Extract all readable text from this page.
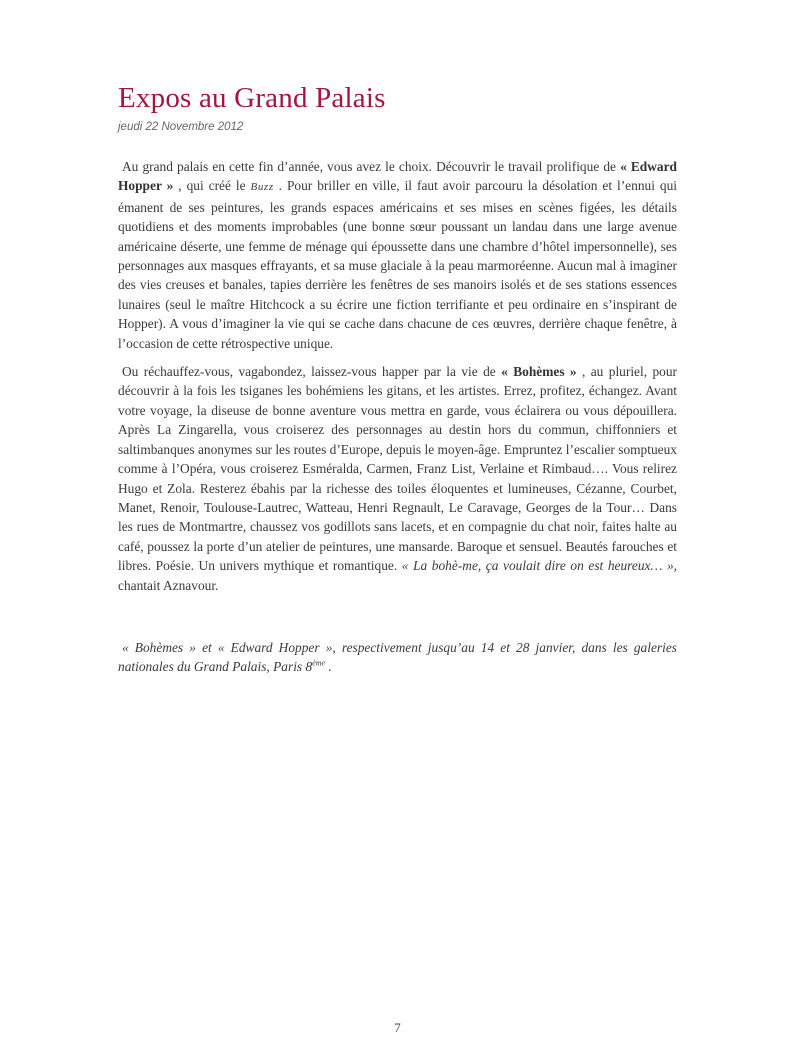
Expos au Grand Palais
jeudi 22 Novembre 2012

Au grand palais en cette fin d’année, vous avez le choix. Découvrir le travail prolifique de « Edward Hopper » , qui créé le Buzz . Pour briller en ville, il faut avoir parcouru la désolation et l’ennui qui émanent de ses peintures, les grands espaces américains et ses mises en scènes figées, les détails quotidiens et des moments improbables (une bonne sœur poussant un landau dans une large avenue américaine déserte, une femme de ménage qui époussette dans une chambre d’hôtel impersonnelle), ses personnages aux masques effrayants, et sa muse glaciale à la peau marmoréenne. Aucun mal à imaginer des vies creuses et banales, tapies derrière les fenêtres de ses manoirs isolés et de ses stations essences lunaires (seul le maître Hitchcock a su écrire une fiction terrifiante et peu ordinaire en s’inspirant de Hopper). A vous d’imaginer la vie qui se cache dans chacune de ces œuvres, derrière chaque fenêtre, à l’occasion de cette rétrospective unique.

Ou réchauffez-vous, vagabondez, laissez-vous happer par la vie de « Bohèmes » , au pluriel, pour découvrir à la fois les tsiganes les bohémiens les gitans, et les artistes. Errez, profitez, échangez. Avant votre voyage, la diseuse de bonne aventure vous mettra en garde, vous éclairera ou vous dépouillera. Après La Zingarella, vous croiserez des personnages au destin hors du commun, chiffonniers et saltimbanques anonymes sur les routes d’Europe, depuis le moyen-âge. Empruntez l’escalier somptueux comme à l’Opéra, vous croiserez Esméralda, Carmen, Franz List, Verlaine et Rimbaud…. Vous relirez Hugo et Zola. Resterez ébahis par la richesse des toiles éloquentes et lumineuses, Cézanne, Courbet, Manet, Renoir, Toulouse-Lautrec, Watteau, Henri Regnault, Le Caravage, Georges de la Tour… Dans les rues de Montmartre, chaussez vos godillots sans lacets, et en compagnie du chat noir, faites halte au café, poussez la porte d’un atelier de peintures, une mansarde. Baroque et sensuel. Beautés farouches et libres. Poésie. Un univers mythique et romantique. « La bohè-me, ça voulait dire on est heureux… », chantait Aznavour.

« Bohèmes » et « Edward Hopper », respectivement jusqu’au 14 et 28 janvier, dans les galeries nationales du Grand Palais, Paris 8ème .
7
